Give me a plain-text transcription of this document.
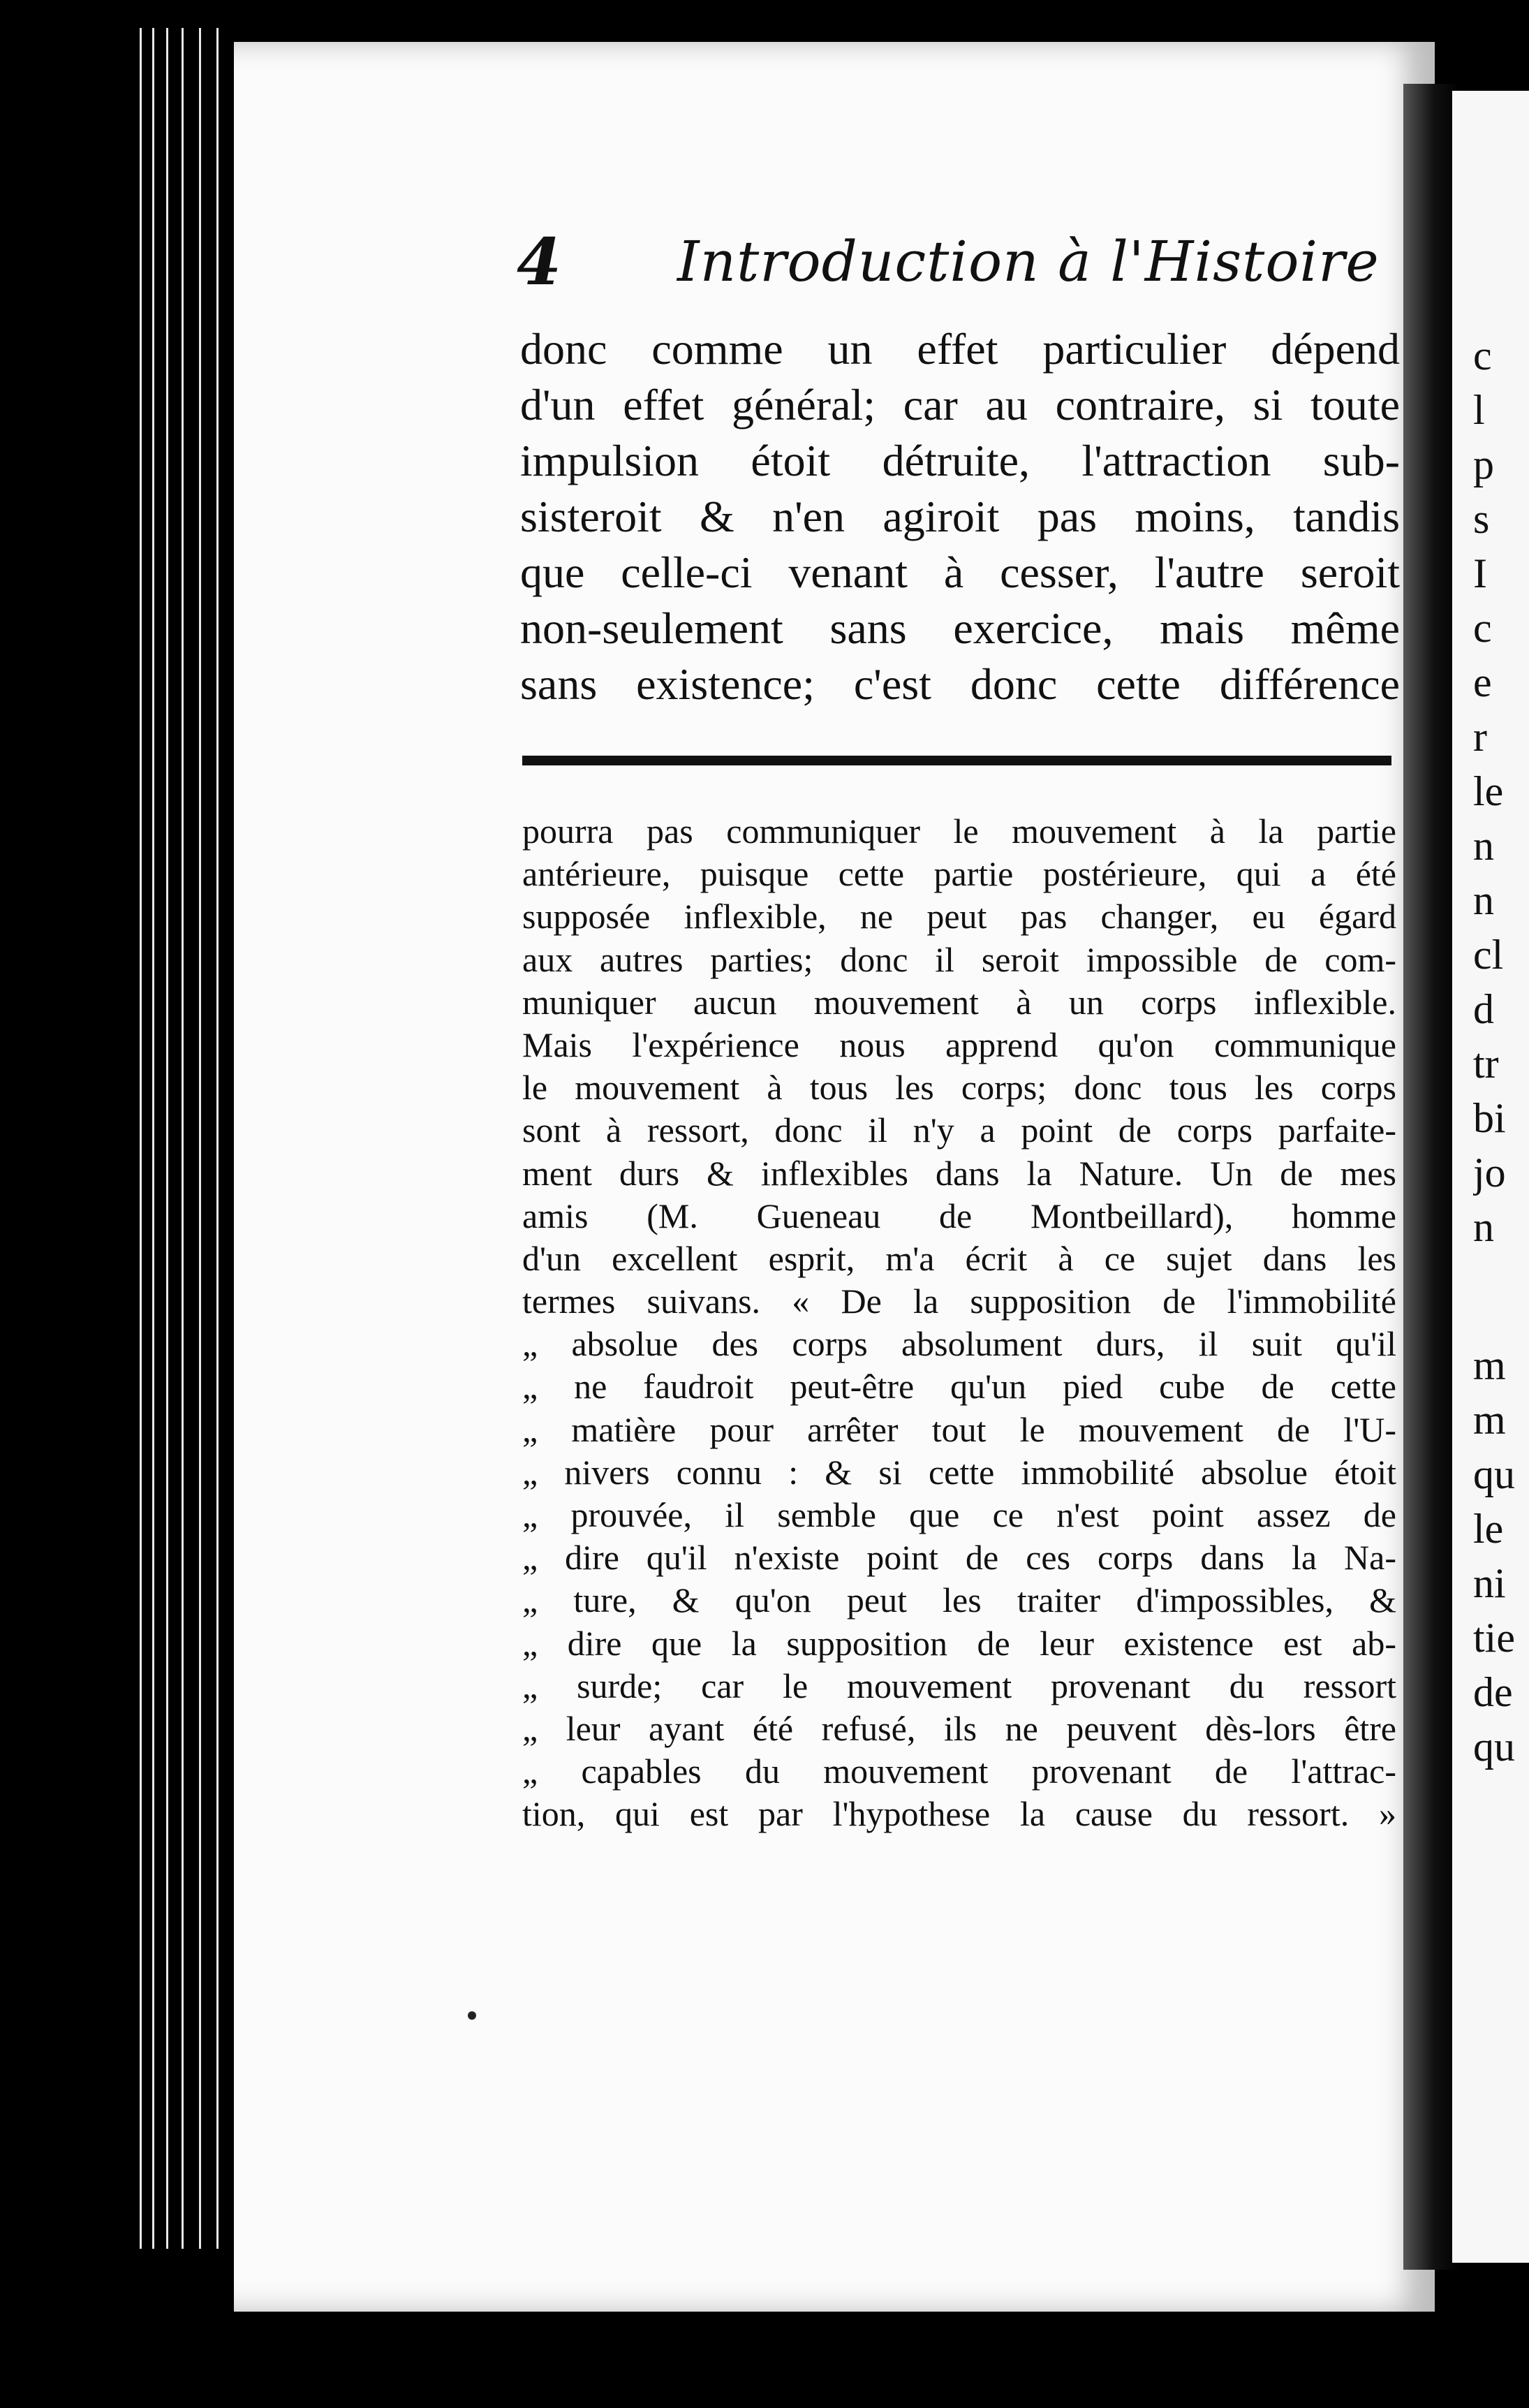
c
l
p
s
I
c
e
r
le
n
n
cl
d
tr
bi
jo
n
m
m
qu
le
ni
tie
de
qu
4 Introduction à l'Histoire
donc comme un effet particulier dépend
d'un effet général; car au contraire, si toute
impulsion étoit détruite, l'attraction sub-
sisteroit & n'en agiroit pas moins, tandis
que celle-ci venant à cesser, l'autre seroit
non-seulement sans exercice, mais même
sans existence; c'est donc cette différence
pourra pas communiquer le mouvement à la partie
antérieure, puisque cette partie postérieure, qui a été
supposée inflexible, ne peut pas changer, eu égard
aux autres parties; donc il seroit impossible de com-
muniquer aucun mouvement à un corps inflexible.
Mais l'expérience nous apprend qu'on communique
le mouvement à tous les corps; donc tous les corps
sont à ressort, donc il n'y a point de corps parfaite-
ment durs & inflexibles dans la Nature. Un de mes
amis (M. Gueneau de Montbeillard), homme
d'un excellent esprit, m'a écrit à ce sujet dans les
termes suivans. « De la supposition de l'immobilité
„ absolue des corps absolument durs, il suit qu'il
„ ne faudroit peut-être qu'un pied cube de cette
„ matière pour arrêter tout le mouvement de l'U-
„ nivers connu : & si cette immobilité absolue étoit
„ prouvée, il semble que ce n'est point assez de
„ dire qu'il n'existe point de ces corps dans la Na-
„ ture, & qu'on peut les traiter d'impossibles, &
„ dire que la supposition de leur existence est ab-
„ surde; car le mouvement provenant du ressort
„ leur ayant été refusé, ils ne peuvent dès-lors être
„ capables du mouvement provenant de l'attrac-
tion, qui est par l'hypothese la cause du ressort. »
